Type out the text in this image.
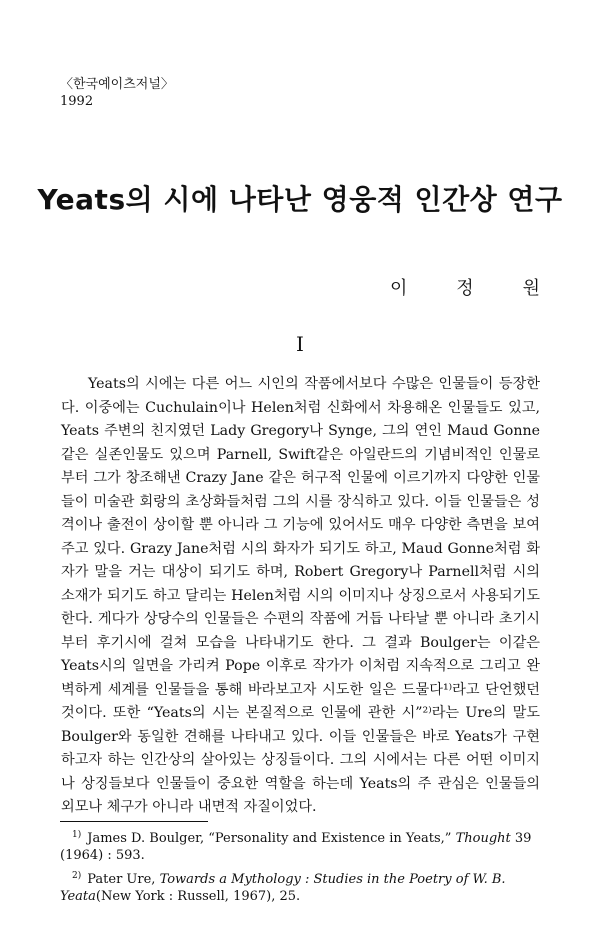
〈한국예이츠저널〉
1992
Yeats의 시에 나타난 영웅적 인간상 연구
이	정	원
I

Yeats의 시에는 다른 어느 시인의 작품에서보다 수많은 인물들이 등장한다. 이중에는 Cuchulain이나 Helen처럼 신화에서 차용해온 인물들도 있고, Yeats 주변의 친지였던 Lady Gregory나 Synge, 그의 연인 Maud Gonne같은 실존인물도 있으며 Parnell, Swift같은 아일란드의 기념비적인 인물로부터 그가 창조해낸 Crazy Jane 같은 허구적 인물에 이르기까지 다양한 인물들이 미술관 회랑의 초상화들처럼 그의 시를 장식하고 있다. 이들 인물들은 성격이나 출전이 상이할 뿐 아니라 그 기능에 있어서도 매우 다양한 측면을 보여주고 있다. Grazy Jane처럼 시의 화자가 되기도 하고, Maud Gonne처럼 화자가 말을 거는 대상이 되기도 하며, Robert Gregory나 Parnell처럼 시의 소재가 되기도 하고 달리는 Helen처럼 시의 이미지나 상징으로서 사용되기도 한다. 게다가 상당수의 인물들은 수편의 작품에 거듭 나타날 뿐 아니라 초기시부터 후기시에 걸쳐 모습을 나타내기도 한다. 그 결과 Boulger는 이같은 Yeats시의 일면을 가리켜 Pope 이후로 작가가 이처럼 지속적으로 그리고 완벽하게 세계를 인물들을 통해 바라보고자 시도한 일은 드물다¹⁾라고 단언했던 것이다. 또한 “Yeats의 시는 본질적으로 인물에 관한 시”²⁾라는 Ure의 말도 Boulger와 동일한 견해를 나타내고 있다. 이들 인물들은 바로 Yeats가 구현하고자 하는 인간상의 살아있는 상징들이다. 그의 시에서는 다른 어떤 이미지나 상징들보다 인물들이 중요한 역할을 하는데 Yeats의 주 관심은 인물들의 외모나 체구가 아니라 내면적 자질이었다.

$^{1)}$ James D. Boulger, “Personality and Existence in Yeats,” Thought 39 (1964) : 593.

$^{2)}$ Pater Ure, Towards a Mythology : Studies in the Poetry of W. B. Yeata(New York : Russell, 1967), 25.
